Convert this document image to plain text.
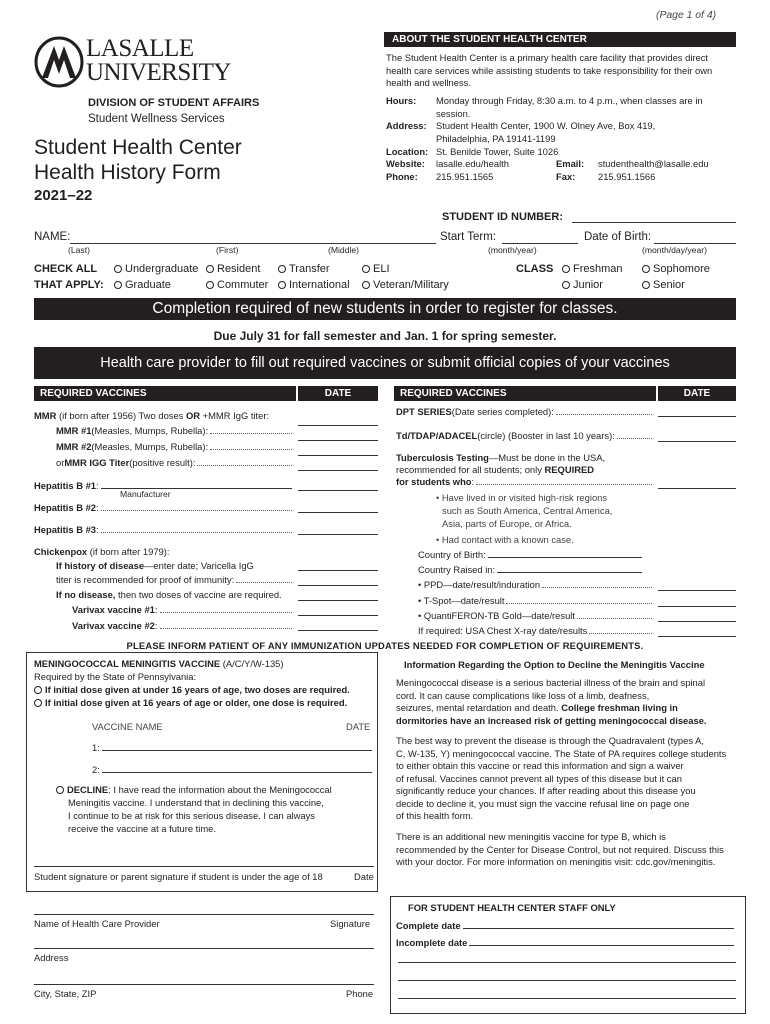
(Page 1 of 4)
LASALLE
UNIVERSITY
DIVISION OF STUDENT AFFAIRS
Student Wellness Services
Student Health Center
Health History Form
2021–22
ABOUT THE STUDENT HEALTH CENTER
The Student Health Center is a primary health care facility that provides direct health care services while assisting students to take responsibility for their own health and wellness.
Hours: Monday through Friday, 8:30 a.m. to 4 p.m., when classes are in session.
Address: Student Health Center, 1900 W. Olney Ave, Box 419, Philadelphia, PA 19141-1199
Location: St. Benilde Tower, Suite 1026
Website: lasalle.edu/health	Email: studenthealth@lasalle.edu
Phone: 215.951.1565	Fax: 215.951.1566
STUDENT ID NUMBER:
NAME:
(Last)	(First)	(Middle)
Start Term:
(month/year)
Date of Birth:
(month/day/year)
CHECK ALL
THAT APPLY:
Undergraduate	Resident	Transfer	ELI
Graduate	Commuter	International	Veteran/Military
CLASS	Freshman	Sophomore
Junior	Senior
Completion required of new students in order to register for classes.
Due July 31 for fall semester and Jan. 1 for spring semester.
Health care provider to fill out required vaccines or submit official copies of your vaccines
REQUIRED VACCINES	DATE
MMR (if born after 1956) Two doses OR +MMR IgG titer:
MMR #1 (Measles, Mumps, Rubella):
MMR #2 (Measles, Mumps, Rubella):
or MMR IGG Titer (positive result):
Hepatitis B #1 :
Manufacturer
Hepatitis B #2 :
Hepatitis B #3 :
Chickenpox (if born after 1979):
If history of disease—enter date; Varicella IgG
titer is recommended for proof of immunity:
If no disease, then two doses of vaccine are required.
Varivax vaccine #1 :
Varivax vaccine #2 :
REQUIRED VACCINES	DATE
DPT SERIES (Date series completed):
Td/TDAP/ADACEL (circle) (Booster in last 10 years):
Tuberculosis Testing—Must be done in the USA,
recommended for all students; only REQUIRED
for students who :
• Have lived in or visited high-risk regions
such as South America, Central America,
Asia, parts of Europe, or Africa.
• Had contact with a known case.
Country of Birth:
Country Raised in:
• PPD—date/result/induration
• T-Spot—date/result
• QuantiFERON-TB Gold—date/result
If required: USA Chest X-ray date/results
PLEASE INFORM PATIENT OF ANY IMMUNIZATION UPDATES NEEDED FOR COMPLETION OF REQUIREMENTS.
MENINGOCOCCAL MENINGITIS VACCINE (A/C/Y/W-135)
Required by the State of Pennsylvania:
If initial dose given at under 16 years of age, two doses are required.
If initial dose given at 16 years of age or older, one dose is required.
VACCINE NAME	DATE
1:
2:
DECLINE: I have read the information about the Meningococcal
Meningitis vaccine. I understand that in declining this vaccine,
I continue to be at risk for this serious disease. I can always
receive the vaccine at a future time.
Student signature or parent signature if student is under the age of 18	Date
Information Regarding the Option to Decline the Meningitis Vaccine
Meningococcal disease is a serious bacterial illness of the brain and spinal
cord. It can cause complications like loss of a limb, deafness,
seizures, mental retardation and death. College freshman living in
dormitories have an increased risk of getting meningococcal disease.
The best way to prevent the disease is through the Quadravalent (types A,
C, W-135, Y) meningococcal vaccine. The State of PA requires college students
to either obtain this vaccine or read this information and sign a waiver
of refusal. Vaccines cannot prevent all types of this disease but it can
significantly reduce your chances. If after reading about this disease you
decide to decline it, you must sign the vaccine refusal line on page one
of this health form.
There is an additional new meningitis vaccine for type B, which is
recommended by the Center for Disease Control, but not required. Discuss this
with your doctor. For more information on meningitis visit: cdc.gov/meningitis.
Name of Health Care Provider	Signature
Address
City, State, ZIP	Phone
FOR STUDENT HEALTH CENTER STAFF ONLY
Complete date
Incomplete date
